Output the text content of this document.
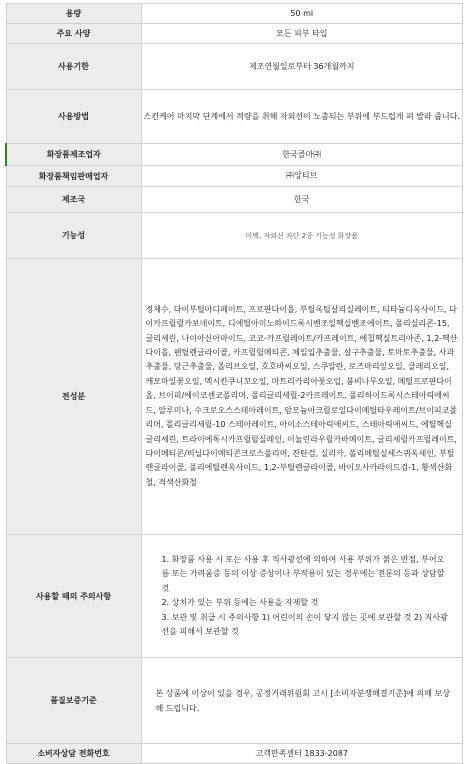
용량	50 ml
주요 사양	모든 피부 타입
사용기한	제조연월일로부터 36개월까지
사용방법	스킨케어 마지막 단계에서 적량을 취해 자외선이 노출되는 부위에 부드럽게 펴 발라 줍니다.
화장품제조업자	한국콜마㈜
화장품책임판매업자	㈜앙티브
제조국	한국
기능성	미백, 자외선 차단 2중 기능성 화장품
전성분	정제수, 다이부틸아디페이트, 프로판다이올, 부틸옥틸살리실레이트, 티타늄디옥사이드, 다이카프릴릴카보네이트, 디에틸아미노하이드록시벤조일헥실벤조에이트, 폴리실리콘-15, 글리세린, 나이아신아마이드, 코코-카프릴레이트/카프레이트, 에칠헥실트리아존, 1,2-헥산다이올, 펜틸렌글라이콜, 카프릴릴메티콘, 체일입추출물, 살구추출물, 토마토추출물, 사과추출물, 당근추출물, 올리브오일, 호호바씨오일, 스쿠알란, 로즈마리잎오일, 클레리오일, 캐모마일꽃오일, 멕시칸쿠니꼬오일, 마트리카리아꽃오일, 붐비나무오일, 메틸프로판다이올, 브이피/에이코센코폴리머, 폴리글리세릴-2카프레이트, 폴리하이드록시스테아릭애씨드, 알루미나, 수크로오스스테아레이트, 암모늄아크릴로일다이메틸타우레이트/브이피코폴리머, 폴리글리세릴-10 스테아레이트, 아이소스테아릭애씨드, 스테아릭애씨드, 에틸헥실글리세린, 트라이에톡시카프릴릴실레인, 이눌린라우릴카바메이트, 글리세릴카프릴레이트, 다이메티콘/비닐다이메티콘크로스폴리머, 잔탄검, 실리카, 폴리메틸실세스퀴옥세인, 부틸렌글라이콜, 폴리에틸렌옥사이드, 1,2-부틸렌글라이콜, 바이오사카라이드검-1, 황색산화철, 적색산화철
사용할 때의 주의사항	1. 화장품 사용 시 또는 사용 후 직사광선에 의하여 사용 부위가 붉은 반점, 부어오름 또는 가려움증 등의 이상 증상이나 부작용이 있는 경우에는 전문의 등과 상담할 것
2. 상처가 있는 부위 등에는 사용을 자제할 것
3. 보관 및 취급 시 주의사항 1) 어린이의 손이 닿지 않는 곳에 보관할 것 2) 직사광선을 피해서 보관할 것

품질보증기준	본 상품에 이상이 있을 경우, 공정거래위원회 고시 [소비자분쟁해결기준]에 의해 보상해 드립니다.
소비자상담 전화번호	고객만족센터 1833-2087
